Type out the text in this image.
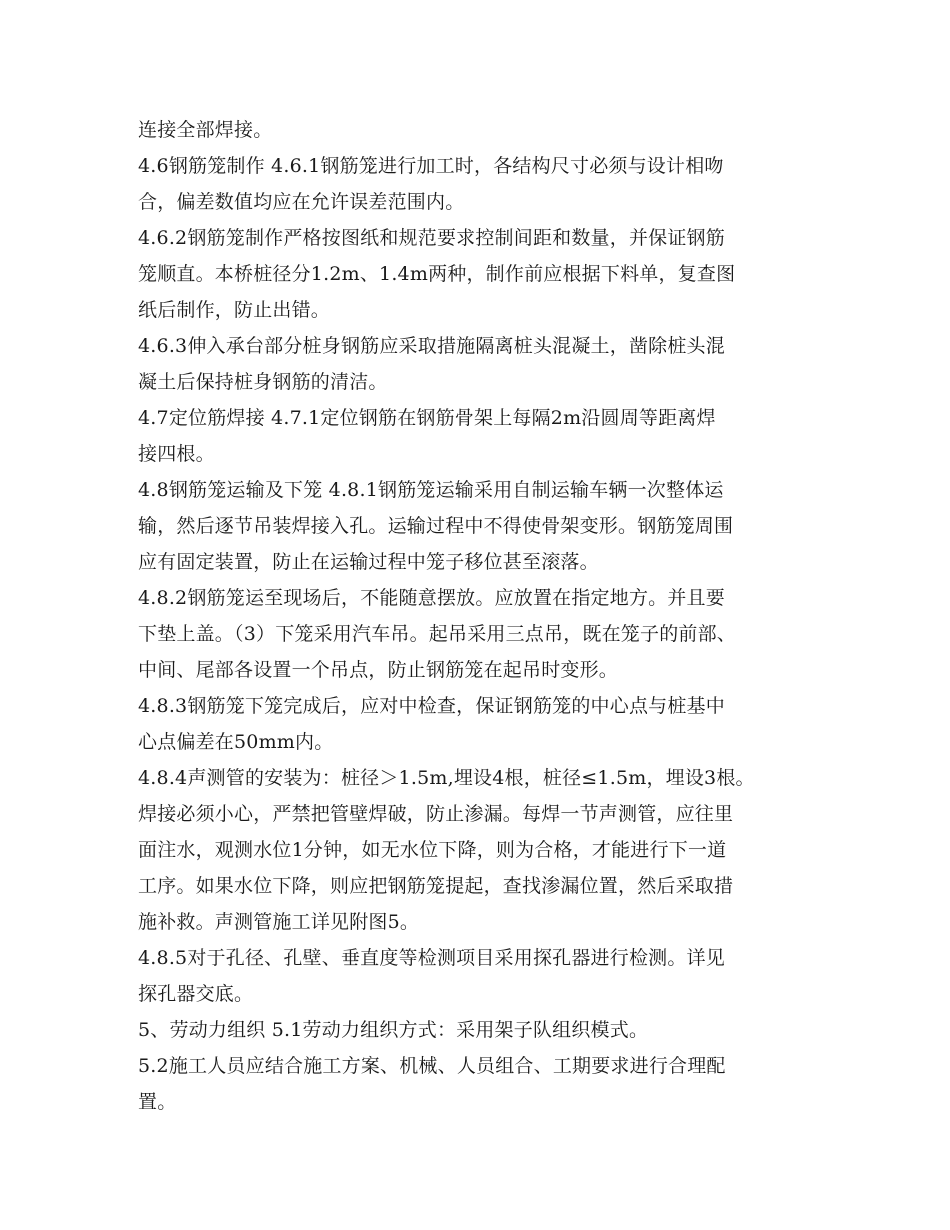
连接全部焊接。
4.6钢筋笼制作 4.6.1钢筋笼进行加工时，各结构尺寸必须与设计相吻
合，偏差数值均应在允许误差范围内。
4.6.2钢筋笼制作严格按图纸和规范要求控制间距和数量，并保证钢筋
笼顺直。本桥桩径分1.2m、1.4m两种，制作前应根据下料单，复查图
纸后制作，防止出错。
4.6.3伸入承台部分桩身钢筋应采取措施隔离桩头混凝土，凿除桩头混
凝土后保持桩身钢筋的清洁。
4.7定位筋焊接 4.7.1定位钢筋在钢筋骨架上每隔2m沿圆周等距离焊
接四根。
4.8钢筋笼运输及下笼 4.8.1钢筋笼运输采用自制运输车辆一次整体运
输，然后逐节吊装焊接入孔。运输过程中不得使骨架变形。钢筋笼周围
应有固定装置，防止在运输过程中笼子移位甚至滚落。
4.8.2钢筋笼运至现场后，不能随意摆放。应放置在指定地方。并且要
下垫上盖。（3）下笼采用汽车吊。起吊采用三点吊，既在笼子的前部、
中间、尾部各设置一个吊点，防止钢筋笼在起吊时变形。
4.8.3钢筋笼下笼完成后，应对中检查，保证钢筋笼的中心点与桩基中
心点偏差在50mm内。
4.8.4声测管的安装为：桩径＞1.5m,埋设4根，桩径≤1.5m，埋设3根。
焊接必须小心，严禁把管壁焊破，防止渗漏。每焊一节声测管，应往里
面注水，观测水位1分钟，如无水位下降，则为合格，才能进行下一道
工序。如果水位下降，则应把钢筋笼提起，查找渗漏位置，然后采取措
施补救。声测管施工详见附图5。
4.8.5对于孔径、孔壁、垂直度等检测项目采用探孔器进行检测。详见
探孔器交底。
5、劳动力组织 5.1劳动力组织方式：采用架子队组织模式。
5.2施工人员应结合施工方案、机械、人员组合、工期要求进行合理配
置。
